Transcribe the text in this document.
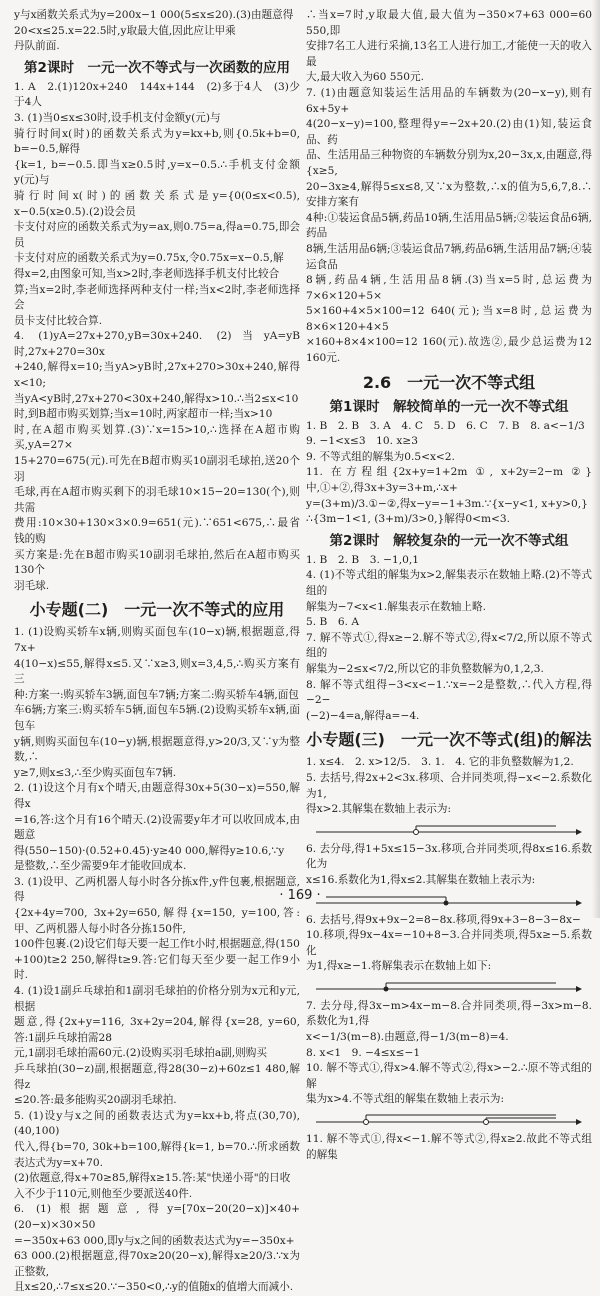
y与x函数关系式为y=200x−1 000(5≤x≤20).(3)由题意得

20<x≤25.x=22.5时,y取最大值,因此应让甲乘

丹队前面.

第2课时　一元一次不等式与一次函数的应用

1. A　2.(1)120x+240　144x+144　(2)多于4人　(3)少于4人

3. (1)当0≤x≤30时,设手机支付金额y(元)与

骑行时间x(时)的函数关系式为y=kx+b,则{0.5k+b=0, b=−0.5,解得

{k=1, b=−0.5.即当x≥0.5时,y=x−0.5.∴手机支付金额y(元)与

骑行时间x(时)的函数关系式是y={0(0≤x<0.5), x−0.5(x≥0.5).(2)设会员

卡支付对应的函数关系式为y=ax,则0.75=a,得a=0.75,即会员

卡支付对应的函数关系式为y=0.75x,令0.75x=x−0.5,解

得x=2,由图象可知,当x>2时,李老师选择手机支付比较合

算;当x=2时,李老师选择两种支付一样;当x<2时,李老师选择会

员卡支付比较合算.

4. (1)yA=27x+270,yB=30x+240. (2)当yA=yB时,27x+270=30x

+240,解得x=10;当yA>yB时,27x+270>30x+240,解得x<10;

当yA<yB时,27x+270<30x+240,解得x>10.∴当2≤x<10

时,到B超市购买划算;当x=10时,两家超市一样;当x>10

时,在A超市购买划算.(3)∵x=15>10,∴选择在A超市购买,yA=27×

15+270=675(元).可先在B超市购买10副羽毛球拍,送20个羽

毛球,再在A超市购买剩下的羽毛球10×15−20=130(个),则共需

费用:10×30+130×3×0.9=651(元).∵651<675,∴最省钱的购

买方案是:先在B超市购买10副羽毛球拍,然后在A超市购买130个

羽毛球.

小专题(二)　一元一次不等式的应用

1. (1)设购买轿车x辆,则购买面包车(10−x)辆,根据题意,得7x+

4(10−x)≤55,解得x≤5.又∵x≥3,则x=3,4,5,∴购买方案有三

种:方案一:购买轿车3辆,面包车7辆;方案二:购买轿车4辆,面包

车6辆;方案三:购买轿车5辆,面包车5辆.(2)设购买轿车x辆,面包车

y辆,则购买面包车(10−y)辆,根据题意得,y>20/3,又∵y为整数,∴

y≥7,则x≤3,∴至少购买面包车7辆.

2. (1)设这个月有x个晴天,由题意得30x+5(30−x)=550,解得x

=16,答:这个月有16个晴天.(2)设需要y年才可以收回成本,由题意

得(550−150)·(0.52+0.45)·y≥40 000,解得y≥10.6,∵y

是整数,∴至少需要9年才能收回成本.

3. (1)设甲、乙两机器人每小时各分拣x件,y件包裹,根据题意,得

{2x+4y=700, 3x+2y=650,解得{x=150, y=100,答:甲、乙两机器人每小时各分拣150件,

100件包裹.(2)设它们每天要一起工作t小时,根据题意,得(150

+100)t≥2 250,解得t≥9.答:它们每天至少要一起工作9小时.

4. (1)设1副乒乓球拍和1副羽毛球拍的价格分别为x元和y元,根据

题意,得{2x+y=116, 3x+2y=204,解得{x=28, y=60,答:1副乒乓球拍需28

元,1副羽毛球拍需60元.(2)设购买羽毛球拍a副,则购买

乒乓球拍(30−z)副,根据题意,得28(30−z)+60z≤1 480,解得z

≤20.答:最多能购买20副羽毛球拍.

5. (1)设y与x之间的函数表达式为y=kx+b,将点(30,70),(40,100)

代入,得{b=70, 30k+b=100,解得{k=1, b=70.∴所求函数表达式为y=x+70.

(2)依题意,得x+70≥85,解得x≥15.答:某"快递小哥"的日收

入不少于110元,则他至少要派送40件.

6. (1)根据题意,得y=[70x−20(20−x)]×40+(20−x)×30×50

=−350x+63 000,即y与x之间的函数表达式为y=−350x+

63 000.(2)根据题意,得70x≥20(20−x),解得x≥20/3.∵x为正整数,

且x≤20,∴7≤x≤20.∵−350<0,∴y的值随x的值增大而减小.

∴当x=7时,y取最大值,最大值为−350×7+63 000=60 550,即

安排7名工人进行采摘,13名工人进行加工,才能使一天的收入最

大,最大收入为60 550元.

7. (1)由题意知装运生活用品的车辆数为(20−x−y),则有6x+5y+

4(20−x−y)=100,整理得y=−2x+20.(2)由(1)知,装运食品、药

品、生活用品三种物资的车辆数分别为x,20−3x,x,由题意,得{x≥5,

20−3x≥4,解得5≤x≤8,又∵x为整数,∴x的值为5,6,7,8.∴安排方案有

4种:①装运食品5辆,药品10辆,生活用品5辆;②装运食品6辆,药品

8辆,生活用品6辆;③装运食品7辆,药品6辆,生活用品7辆;④装运食品

8辆,药品4辆,生活用品8辆.(3)当x=5时,总运费为7×6×120+5×

5×160+4×5×100=12 640(元);当x=8时,总运费为8×6×120+4×5

×160+8×4×100=12 160(元).故选②,最少总运费为12 160元.

2.6　一元一次不等式组
第1课时　解较简单的一元一次不等式组

1. B　2. B　3. A　4. C　5. D　6. C　7. B　8. a<−1/3

9. −1<x≤3　10. x≥3

9. 不等式组的解集为0.5<x<2.

11. 在方程组{2x+y=1+2m ①, x+2y=2−m ②}中,①+②,得3x+3y=3+m,∴x+

y=(3+m)/3.①−②,得x−y=−1+3m.∵{x−y<1, x+y>0,}

∴{3m−1<1, (3+m)/3>0,}解得0<m<3.

第2课时　解较复杂的一元一次不等式组

1. B　2. B　3. −1,0,1

4. (1)不等式组的解集为x>2,解集表示在数轴上略.(2)不等式组的

解集为−7<x<1.解集表示在数轴上略.

5. B　6. A

7. 解不等式①,得x≥−2.解不等式②,得x<7/2,所以原不等式组的

解集为−2≤x<7/2,所以它的非负整数解为0,1,2,3.

8. 解不等式组得−3<x<−1.∵x=−2是整数,∴代入方程,得−2−

(−2)−4=a,解得a=−4.

小专题(三)　一元一次不等式(组)的解法

1. x≤4.　2. x>12/5.　3. 1.　4. 它的非负整数解为1,2.

5. 去括号,得2x+2<3x.移项、合并同类项,得−x<−2.系数化为1,

得x>2.其解集在数轴上表示为:

6. 去分母,得1+5x≤15−3x.移项,合并同类项,得8x≤16.系数化为

x≤16.系数化为1,得x≤2.其解集在数轴上表示为:

6. 去括号,得9x+9x−2=8−8x.移项,得9x+3−8−3−8x−

10.移项,得9x−4x=−10+8−3.合并同类项,得5x≥−5.系数化

为1,得x≥−1.将解集表示在数轴上如下:

7. 去分母,得3x−m>4x−m−8.合并同类项,得−3x>m−8.系数化为1,得

x<−1/3(m−8).由题意,得−1/3(m−8)=4.

8. x<1　9. −4≤x≤−1

10. 解不等式①,得x>4.解不等式②,得x>−2.∴原不等式组的解

集为x>4.不等式组的解集在数轴上表示为:

11. 解不等式①,得x<−1.解不等式②,得x≥2.故此不等式组的解集

· 169 ·
